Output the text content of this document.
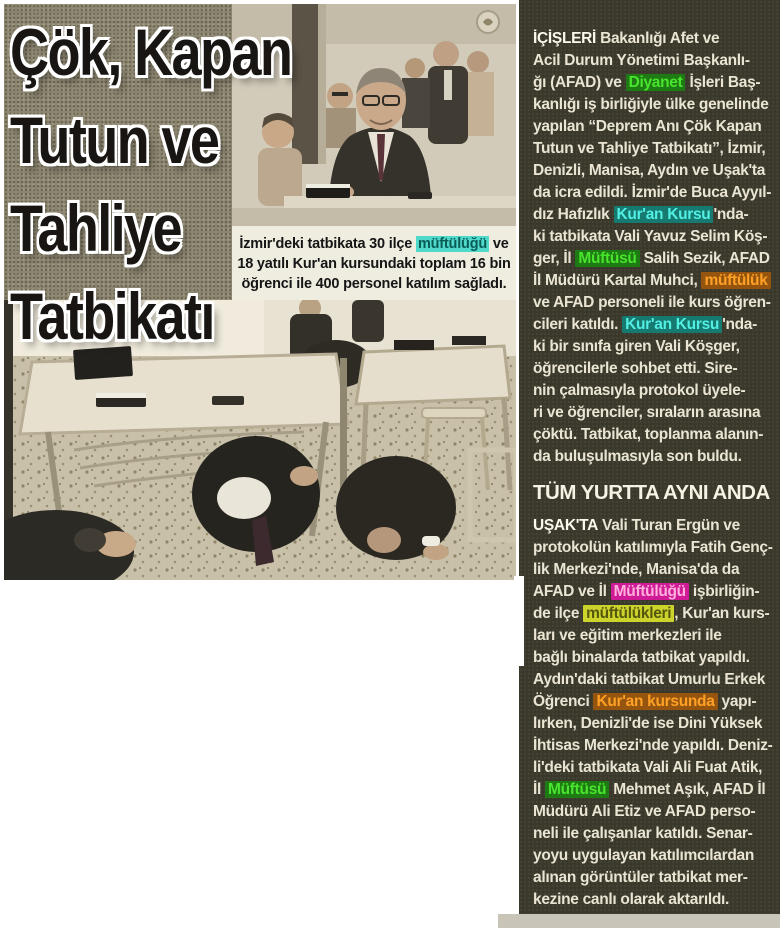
İzmir'deki tatbikata 30 ilçe müftülüğü ve
18 yatılı Kur'an kursundaki toplam 16 bin
öğrenci ile 400 personel katılım sağladı.
Çök, Kapan
Tutun ve
Tahliye
Tatbikatı
İÇİŞLERİ Bakanlığı Afet ve
Acil Durum Yönetimi Başkanlı-
ğı (AFAD) ve Diyanet İşleri Baş-
kanlığı iş birliğiyle ülke genelinde
yapılan “Deprem Anı Çök Kapan
Tutun ve Tahliye Tatbikatı”, İzmir,
Denizli, Manisa, Aydın ve Uşak'ta
da icra edildi. İzmir'de Buca Ayyıl-
dız Hafızlık Kur'an Kursu 'nda-
ki tatbikata Vali Yavuz Selim Köş-
ger, İl Müftüsü Salih Sezik, AFAD
İl Müdürü Kartal Muhci, müftülük
ve AFAD personeli ile kurs öğren-
cileri katıldı. Kur'an Kursu 'nda-
ki bir sınıfa giren Vali Köşger,
öğrencilerle sohbet etti. Sire-
nin çalmasıyla protokol üyele-
ri ve öğrenciler, sıraların arasına
çöktü. Tatbikat, toplanma alanın-
da buluşulmasıyla son buldu.
TÜM YURTTA AYNI ANDA
UŞAK'TA Vali Turan Ergün ve
protokolün katılımıyla Fatih Genç-
lik Merkezi'nde, Manisa'da da
AFAD ve İl Müftülüğü işbirliğin-
de ilçe müftülükleri , Kur'an kurs-
ları ve eğitim merkezleri ile
bağlı binalarda tatbikat yapıldı.
Aydın'daki tatbikat Umurlu Erkek
Öğrenci Kur'an kursunda yapı-
lırken, Denizli'de ise Dini Yüksek
İhtisas Merkezi'nde yapıldı. Deniz-
li'deki tatbikata Vali Ali Fuat Atik,
İl Müftüsü Mehmet Aşık, AFAD İl
Müdürü Ali Etiz ve AFAD perso-
neli ile çalışanlar katıldı. Senar-
yoyu uygulayan katılımcılardan
alınan görüntüler tatbikat mer-
kezine canlı olarak aktarıldı.
